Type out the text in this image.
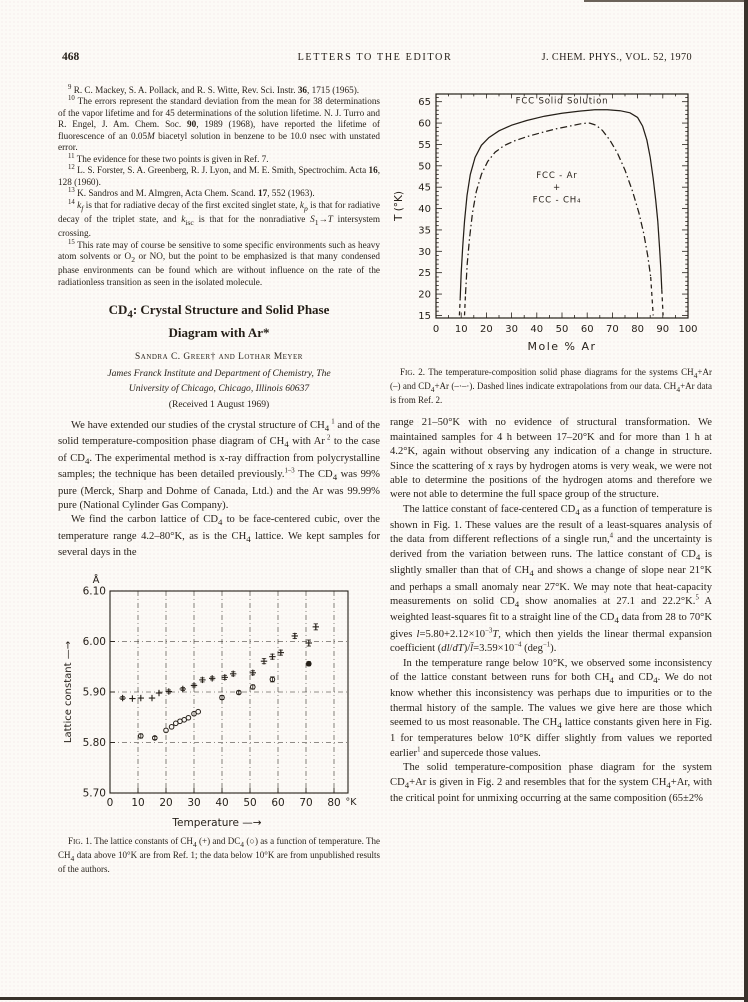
468	LETTERS TO THE EDITOR	J. CHEM. PHYS., VOL. 52, 1970

$^9$ R. C. Mackey, S. A. Pollack, and R. S. Witte, Rev. Sci. Instr. 36, 1715 (1965).

$^{10}$ The errors represent the standard deviation from the mean for 38 determinations of the vapor lifetime and for 45 determinations of the solution lifetime. N. J. Turro and R. Engel, J. Am. Chem. Soc. 90, 1989 (1968), have reported the lifetime of fluorescence of an 0.05M biacetyl solution in benzene to be 10.0 nsec with unstated error.

$^{11}$ The evidence for these two points is given in Ref. 7.

$^{12}$ L. S. Forster, S. A. Greenberg, R. J. Lyon, and M. E. Smith, Spectrochim. Acta 16, 128 (1960).

$^{13}$ K. Sandros and M. Almgren, Acta Chem. Scand. 17, 552 (1963).

$^{14}$ $k_f$ is that for radiative decay of the first excited singlet state, $k_p$ is that for radiative decay of the triplet state, and $k_{isc}$ is that for the nonradiative $S_1\to T$ intersystem crossing.

$^{15}$ This rate may of course be sensitive to some specific environments such as heavy atom solvents or $O_2$ or NO, but the point to be emphasized is that many condensed phase environments can be found which are without influence on the rate of the radiationless transition as seen in the isolated molecule.

$CD_4$: Crystal Structure and Solid Phase
Diagram with Ar*
Sandra C. Greer† and Lothar Meyer
James Franck Institute and Department of Chemistry, The
University of Chicago, Chicago, Illinois 60637
(Received 1 August 1969)

We have extended our studies of the crystal structure of $CH_4$ $^1$ and of the solid temperature-composition phase diagram of $CH_4$ with Ar $^2$ to the case of $CD_4$. The experimental method is x-ray diffraction from polycrystalline samples; the technique has been detailed previously.$^{1-3}$ The $CD_4$ was 99% pure (Merck, Sharp and Dohme of Canada, Ltd.) and the Ar was 99.99% pure (National Cylinder Gas Company).

We find the carbon lattice of $CD_4$ to be face-centered cubic, over the temperature range 4.2–80°K, as is the $CH_4$ lattice. We kept samples for several days in the

0 10 20 30 40 50 60 70 80 °K
5.70
5.80
5.90
6.00
6.10
Å
Lattice constant —→
Temperature —→
FIG. 1. The lattice constants of $CH_4$ (+) and $DC_4$ (○) as a function of temperature. The $CH_4$ data above 10°K are from Ref. 1; the data below 10°K are from unpublished results of the authors.
15
20
25
30
35
40
45
50
55
60
65
0 10 20 30 40 50 60 70 80 90 100
T (°K)
Mole % Ar
FCC Solid Solution
FCC - Ar
+
FCC - CH₄
FIG. 2. The temperature-composition solid phase diagrams for the systems $CH_4+Ar$ (–) and $CD_4+Ar$ (–·–·). Dashed lines indicate extrapolations from our data. $CH_4+Ar$ data is from Ref. 2.

range 21–50°K with no evidence of structural transformation. We maintained samples for 4 h between 17–20°K and for more than 1 h at 4.2°K, again without observing any indication of a change in structure. Since the scattering of x rays by hydrogen atoms is very weak, we were not able to determine the positions of the hydrogen atoms and therefore we were not able to determine the full space group of the structure.

The lattice constant of face-centered $CD_4$ as a function of temperature is shown in Fig. 1. These values are the result of a least-squares analysis of the data from different reflections of a single run,$^4$ and the uncertainty is derived from the variation between runs. The lattice constant of $CD_4$ is slightly smaller than that of $CH_4$ and shows a change of slope near 21°K and perhaps a small anomaly near 27°K. We may note that heat-capacity measurements on solid $CD_4$ show anomalies at 27.1 and 22.2°K.$^5$ A weighted least-squares fit to a straight line of the $CD_4$ data from 28 to 70°K gives $l=5.80+2.12\times 10^{-3}T$, which then yields the linear thermal expansion coefficient $(dl/dT)/l̄=3.59\times 10^{-4}$ (deg$^{-1}$).

In the temperature range below 10°K, we observed some inconsistency of the lattice constant between runs for both $CH_4$ and $CD_4$. We do not know whether this inconsistency was perhaps due to impurities or to the thermal history of the sample. The values we give here are those which seemed to us most reasonable. The $CH_4$ lattice constants given here in Fig. 1 for temperatures below 10°K differ slightly from values we reported earlier$^1$ and supercede those values.

The solid temperature-composition phase diagram for the system $CD_4+Ar$ is given in Fig. 2 and resembles that for the system $CH_4+Ar$, with the critical point for unmixing occurring at the same composition (65±2%
